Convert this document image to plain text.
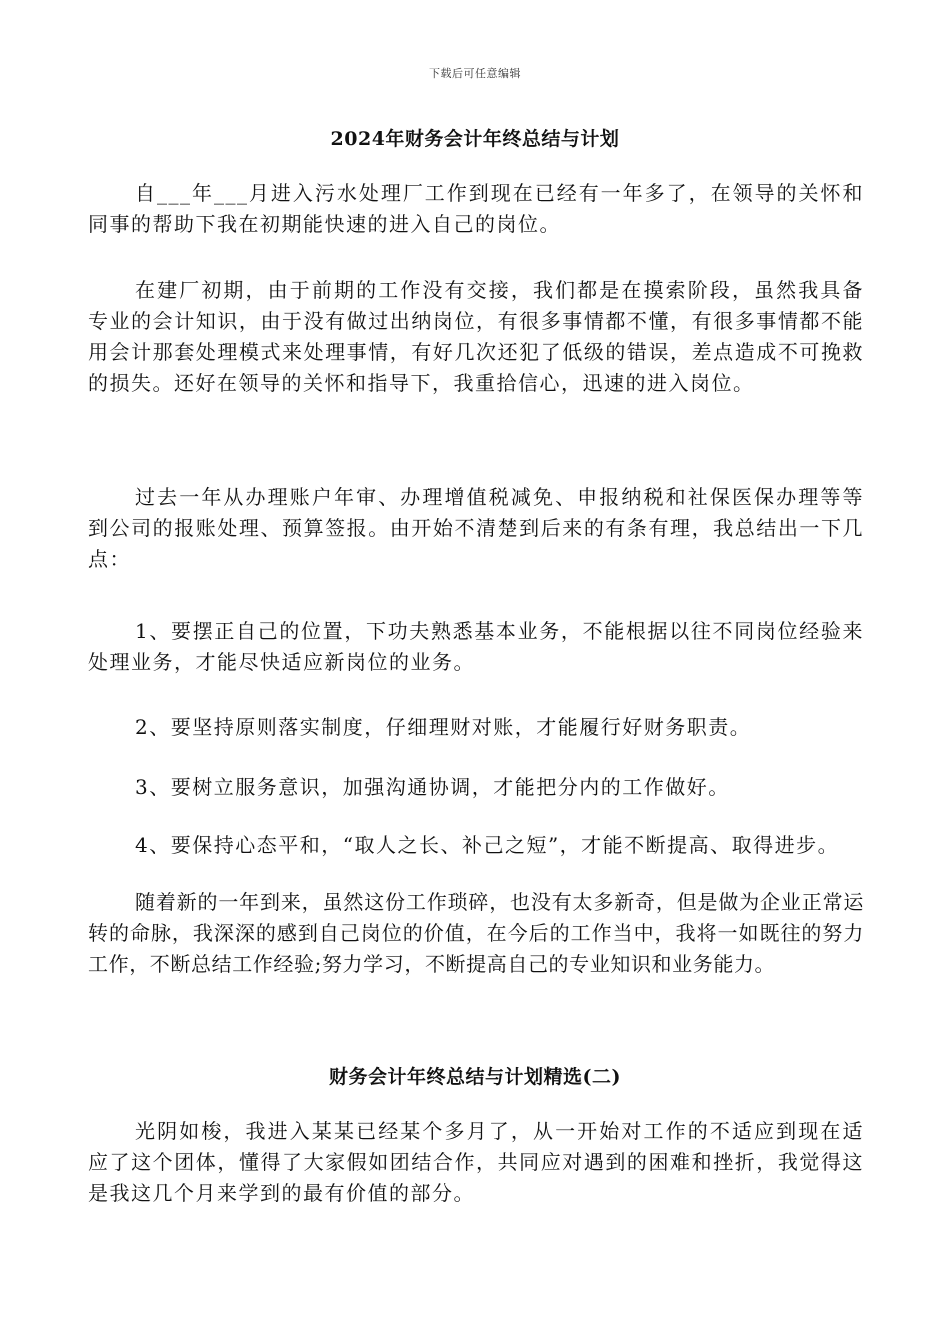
下载后可任意编辑
2024年财务会计年终总结与计划

自___年___月进入污水处理厂工作到现在已经有一年多了，在领导的关怀和同事的帮助下我在初期能快速的进入自己的岗位。

在建厂初期，由于前期的工作没有交接，我们都是在摸索阶段，虽然我具备专业的会计知识，由于没有做过出纳岗位，有很多事情都不懂，有很多事情都不能用会计那套处理模式来处理事情，有好几次还犯了低级的错误，差点造成不可挽救的损失。还好在领导的关怀和指导下，我重拾信心，迅速的进入岗位。

过去一年从办理账户年审、办理增值税减免、申报纳税和社保医保办理等等到公司的报账处理、预算签报。由开始不清楚到后来的有条有理，我总结出一下几点：

1、要摆正自己的位置，下功夫熟悉基本业务，不能根据以往不同岗位经验来处理业务，才能尽快适应新岗位的业务。

2、要坚持原则落实制度，仔细理财对账，才能履行好财务职责。

3、要树立服务意识，加强沟通协调，才能把分内的工作做好。

4、要保持心态平和，“取人之长、补己之短”，才能不断提高、取得进步。

随着新的一年到来，虽然这份工作琐碎，也没有太多新奇，但是做为企业正常运转的命脉，我深深的感到自己岗位的价值，在今后的工作当中，我将一如既往的努力工作，不断总结工作经验;努力学习，不断提高自己的专业知识和业务能力。

财务会计年终总结与计划精选(二)

光阴如梭，我进入某某已经某个多月了，从一开始对工作的不适应到现在适应了这个团体，懂得了大家假如团结合作，共同应对遇到的困难和挫折，我觉得这是我这几个月来学到的最有价值的部分。
